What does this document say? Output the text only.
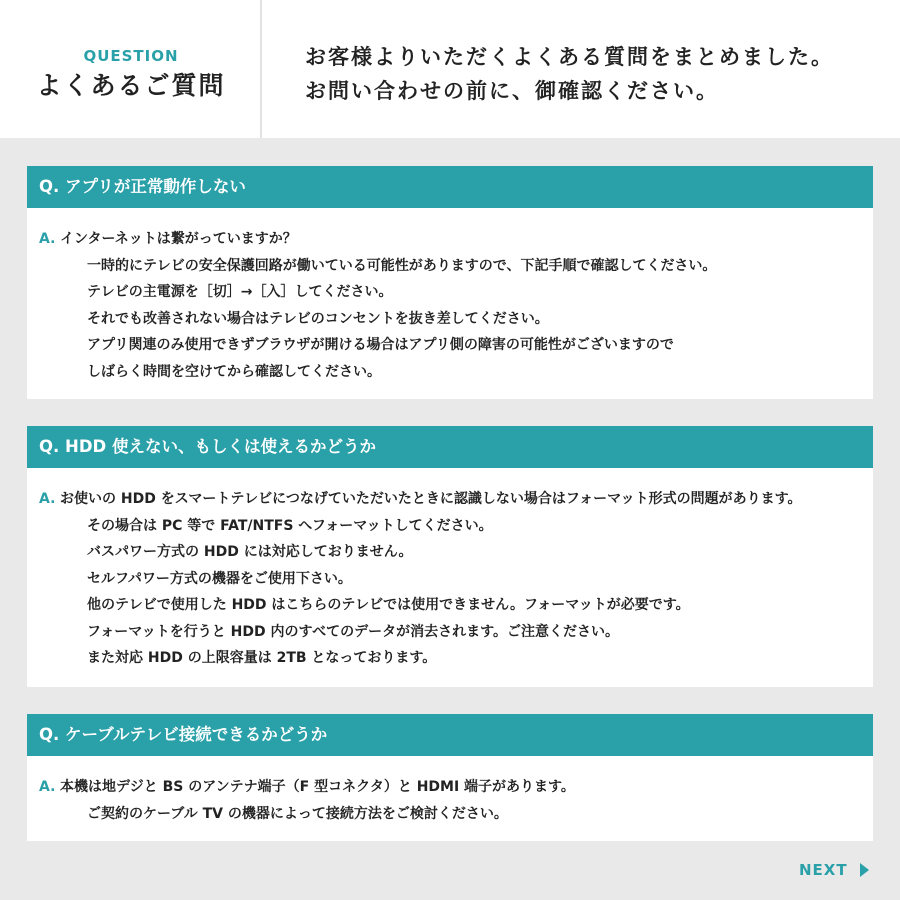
QUESTION
よくあるご質問
お客様よりいただくよくある質問をまとめました。
お問い合わせの前に、御確認ください。
Q. アプリが正常動作しない
A. インターネットは繋がっていますか？
一時的にテレビの安全保護回路が働いている可能性がありますので、下記手順で確認してください。
テレビの主電源を［切］→［入］してください。
それでも改善されない場合はテレビのコンセントを抜き差してください。
アプリ関連のみ使用できずブラウザが開ける場合はアプリ側の障害の可能性がございますので
しばらく時間を空けてから確認してください。
Q. HDD 使えない、もしくは使えるかどうか
A. お使いの HDD をスマートテレビにつなげていただいたときに認識しない場合はフォーマット形式の問題があります。
その場合は PC 等で FAT/NTFS へフォーマットしてください。
バスパワー方式の HDD には対応しておりません。
セルフパワー方式の機器をご使用下さい。
他のテレビで使用した HDD はこちらのテレビでは使用できません。フォーマットが必要です。
フォーマットを行うと HDD 内のすべてのデータが消去されます。ご注意ください。
また対応 HDD の上限容量は 2TB となっております。
Q. ケーブルテレビ接続できるかどうか
A. 本機は地デジと BS のアンテナ端子（F 型コネクタ）と HDMI 端子があります。
ご契約のケーブル TV の機器によって接続方法をご検討ください。
NEXT
